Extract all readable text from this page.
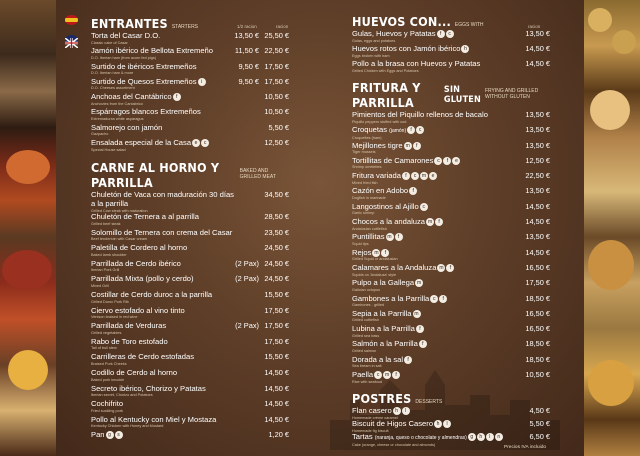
ENTRANTES STARTERS	1/2 racion	racion
Torta del Casar D.O.
Classic cake of Casar
13,50 € 25,50 €
Jamón ibérico de Bellota Extremeño
D.O. Iberian ham (from acorn fed pigs)
11,50 € 22,50 €
Surtido de ibéricos Extremeños
D.O. Iberian ham & more
9,50 € 17,50 €
Surtido de Quesos Extremeños i
D.O. Cheeses assortment
9,50 € 17,50 €
Anchoas del Cantábrico f
Anchovies from the Cantabrico
10,50 €
Espárragos blancos Extremeños
Extremaduran white asparagus
10,50 €
Salmorejo con jamón
Gazpacho
5,50 €
Ensalada especial de la Casa e c
Special House salad
12,50 €
CARNE AL HORNO Y PARRILLA
BAKED AND GRILLED MEAT
Chuletón de Vaca con maduración 30 días
a la parrilla
Grilled Cow steak with maturation
34,50 €
Chuletón de Ternera a al parrilla
Grilled beef steak
28,50 €
Solomillo de Ternera con crema del Casar
Beef tenderloin with Casar cream
23,50 €
Paletilla de Cordero al horno
Baked lamb shoulder
24,50 €
Parrillada de Cerdo ibérico
Iberian Pork Grill
(2 Pax) 24,50 €
Parrillada Mixta (pollo y cerdo)
Mixed Grill
(2 Pax) 24,50 €
Costillar de Cerdo duroc a la parrilla
Grilled Duroc Pork Rib
15,50 €
Ciervo estofado al vino tinto
Venison braised in red wine
17,50 €
Parrillada de Verduras
Grilled vegetables
(2 Pax) 17,50 €
Rabo de Toro estofado
Tail of bull stew
17,50 €
Carrilleras de Cerdo estofadas
Braised Pork Cheeks
15,50 €
Codillo de Cerdo al horno
Baked pork knuckle
14,50 €
Secreto ibérico, Chorizo y Patatas
Iberian secret, Chorizo and Potatoes
14,50 €
Cochifrito
Fried suckling pork
14,50 €
Pollo al Kentucky con Miel y Mostaza
Kentucky Chicken with Honey and Mustard
14,50 €
Pan g s	1,20 €
HUEVOS CON... EGGS WITH	racion
Gulas, Huevos y Patatas f c
Gulas, eggs and potatoes
13,50 €
Huevos rotos con Jamón ibérico h
Eggs broken with ham
14,50 €
Pollo a la brasa con Huevos y Patatas
Grilled Chicken with Eggs and Potatoes
14,50 €
FRITURA Y PARRILLA
SIN GLUTEN
FRYING AND GRILLED WITHOUT GLUTEN
Pimientos del Piquillo rellenos de bacalo
Piquillo peppers stuffed with cod
13,50 €
Croquetas (jamón) f c
Croquettes (ham)
13,50 €
Mejillones tigre m f
Tiger mussels
13,50 €
Tortillitas de Camarones c f e
Shrimp omelettes
12,50 €
Fritura variada f c m e
Mixed fried fish
22,50 €
Cazón en Adobo f
Dogfish in marinade
13,50 €
Langostinos al Ajillo c
Garlic shrimp
14,50 €
Chocos a la andaluza m f
Andalusian cuttlefish
14,50 €
Puntillitas m f
Squid tips
13,50 €
Rejos m f
Grilled Squid or andalusian
14,50 €
Calamares a la Andaluza m f
Squids on 'Andaluza' style
16,50 €
Pulpo a la Gallega m
Galician octopus
17,50 €
Gambones a la Parrilla c f
Gambones - grilled
18,50 €
Sepia a la Parrilla m
Grilled cuttlefish
16,50 €
Lubina a la Parrilla f
Grilled sea bass
16,50 €
Salmón a la Parrilla f
Grilled salmon
18,50 €
Dorada a la sal f
Sea bream in salt
18,50 €
Paella c m f
Rice with seafood
10,50 €
POSTRES DESSERTS
Flan casero h l
Homemade crème caramel
4,50 €
Biscuit de Higos Casero h l
Homemade fig biscuit
5,50 €
Tartas (naranja, queso o chocolate y almendras) g h l n
Cake (orange, cheese or chocolate and almonds)
6,50 €
Precios IVA incluido
